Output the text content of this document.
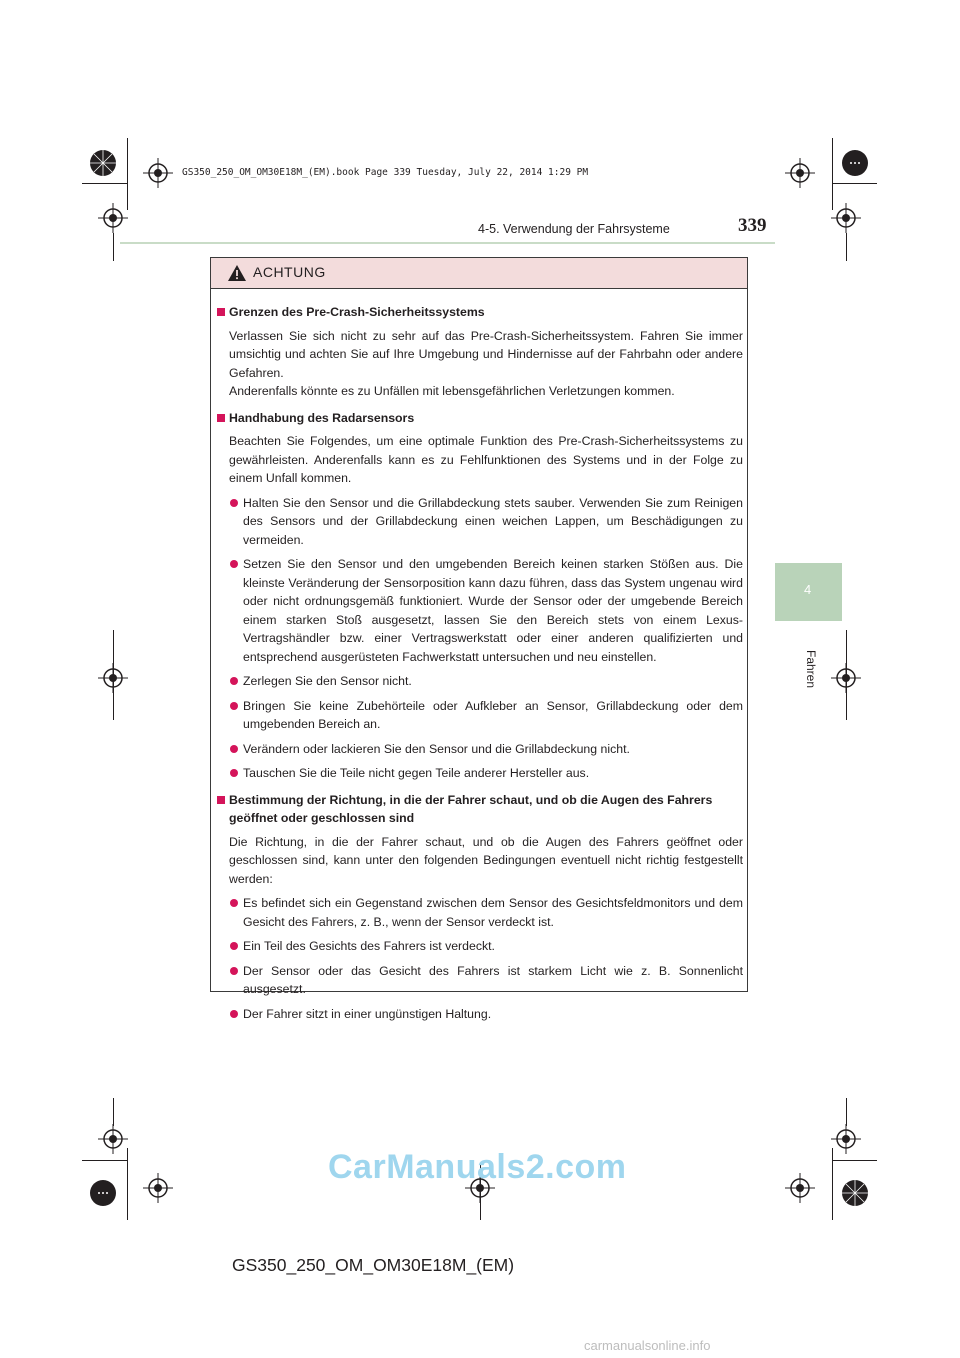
GS350_250_OM_OM30E18M_(EM).book Page 339 Tuesday, July 22, 2014 1:29 PM
4-5. Verwendung der Fahrsysteme	339
4
Fahren
ACHTUNG
Grenzen des Pre-Crash-Sicherheitssystems
Verlassen Sie sich nicht zu sehr auf das Pre-Crash-Sicherheitssystem. Fahren Sie immer umsichtig und achten Sie auf Ihre Umgebung und Hindernisse auf der Fahrbahn oder andere Gefahren.
Anderenfalls könnte es zu Unfällen mit lebensgefährlichen Verletzungen kommen.
Handhabung des Radarsensors
Beachten Sie Folgendes, um eine optimale Funktion des Pre-Crash-Sicherheitssystems zu gewährleisten. Anderenfalls kann es zu Fehlfunktionen des Systems und in der Folge zu einem Unfall kommen.
Halten Sie den Sensor und die Grillabdeckung stets sauber. Verwenden Sie zum Reinigen des Sensors und der Grillabdeckung einen weichen Lappen, um Beschädigungen zu vermeiden.
Setzen Sie den Sensor und den umgebenden Bereich keinen starken Stößen aus. Die kleinste Veränderung der Sensorposition kann dazu führen, dass das System ungenau wird oder nicht ordnungsgemäß funktioniert. Wurde der Sensor oder der umgebende Bereich einem starken Stoß ausgesetzt, lassen Sie den Bereich stets von einem Lexus-Vertragshändler bzw. einer Vertragswerkstatt oder einer anderen qualifizierten und entsprechend ausgerüsteten Fachwerkstatt untersuchen und neu einstellen.
Zerlegen Sie den Sensor nicht.
Bringen Sie keine Zubehörteile oder Aufkleber an Sensor, Grillabdeckung oder dem umgebenden Bereich an.
Verändern oder lackieren Sie den Sensor und die Grillabdeckung nicht.
Tauschen Sie die Teile nicht gegen Teile anderer Hersteller aus.
Bestimmung der Richtung, in die der Fahrer schaut, und ob die Augen des Fahrers geöffnet oder geschlossen sind
Die Richtung, in die der Fahrer schaut, und ob die Augen des Fahrers geöffnet oder geschlossen sind, kann unter den folgenden Bedingungen eventuell nicht richtig festgestellt werden:
Es befindet sich ein Gegenstand zwischen dem Sensor des Gesichtsfeldmonitors und dem Gesicht des Fahrers, z. B., wenn der Sensor verdeckt ist.
Ein Teil des Gesichts des Fahrers ist verdeckt.
Der Sensor oder das Gesicht des Fahrers ist starkem Licht wie z. B. Sonnenlicht ausgesetzt.
Der Fahrer sitzt in einer ungünstigen Haltung.
CarManuals2.com
GS350_250_OM_OM30E18M_(EM)
carmanualsonline.info
